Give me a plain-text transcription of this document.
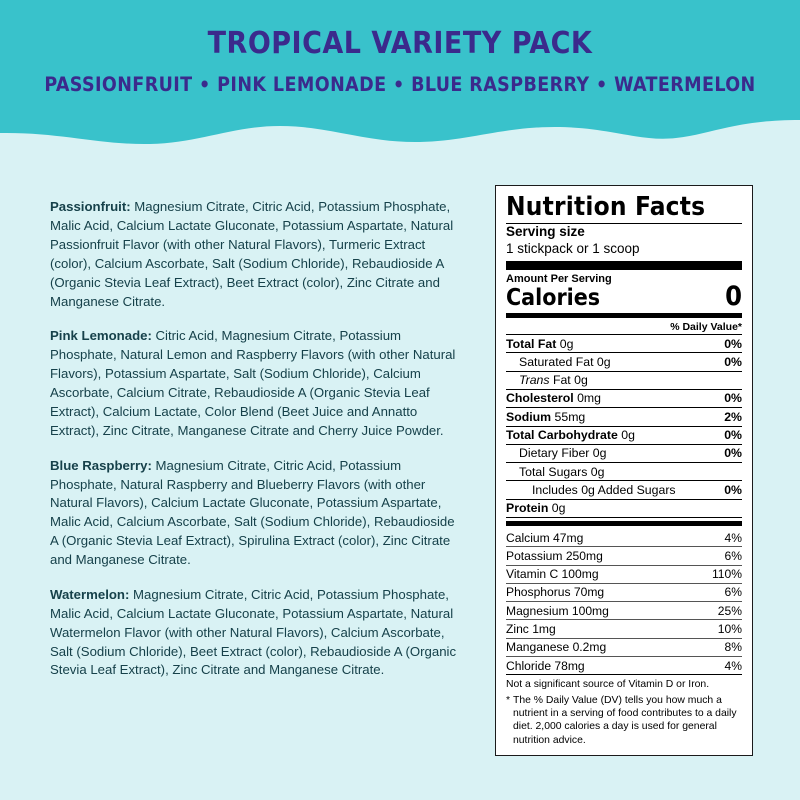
TROPICAL VARIETY PACK
PASSIONFRUIT • PINK LEMONADE • BLUE RASPBERRY • WATERMELON

Passionfruit: Magnesium Citrate, Citric Acid, Potassium Phosphate, Malic Acid, Calcium Lactate Gluconate, Potassium Aspartate, Natural Passionfruit Flavor (with other Natural Flavors), Turmeric Extract (color), Calcium Ascorbate, Salt (Sodium Chloride), Rebaudioside A (Organic Stevia Leaf Extract), Beet Extract (color), Zinc Citrate and Manganese Citrate.

Pink Lemonade: Citric Acid, Magnesium Citrate, Potassium Phosphate, Natural Lemon and Raspberry Flavors (with other Natural Flavors), Potassium Aspartate, Salt (Sodium Chloride), Calcium Ascorbate, Calcium Citrate, Rebaudioside A (Organic Stevia Leaf Extract), Calcium Lactate, Color Blend (Beet Juice and Annatto Extract), Zinc Citrate, Manganese Citrate and Cherry Juice Powder.

Blue Raspberry: Magnesium Citrate, Citric Acid, Potassium Phosphate, Natural Raspberry and Blueberry Flavors (with other Natural Flavors), Calcium Lactate Gluconate, Potassium Aspartate, Malic Acid, Calcium Ascorbate, Salt (Sodium Chloride), Rebaudioside A (Organic Stevia Leaf Extract), Spirulina Extract (color), Zinc Citrate and Manganese Citrate.

Watermelon: Magnesium Citrate, Citric Acid, Potassium Phosphate, Malic Acid, Calcium Lactate Gluconate, Potassium Aspartate, Natural Watermelon Flavor (with other Natural Flavors), Calcium Ascorbate, Salt (Sodium Chloride), Beet Extract (color), Rebaudioside A (Organic Stevia Leaf Extract), Zinc Citrate and Manganese Citrate.

Nutrition Facts
Serving size
1 stickpack or 1 scoop
Amount Per Serving
Calories	0
% Daily Value*
Total Fat 0g	0%
Saturated Fat 0g	0%
Trans Fat 0g
Cholesterol 0mg	0%
Sodium 55mg	2%
Total Carbohydrate 0g	0%
Dietary Fiber 0g	0%
Total Sugars 0g
Includes 0g Added Sugars	0%
Protein 0g
Calcium 47mg	4%
Potassium 250mg	6%
Vitamin C 100mg	110%
Phosphorus 70mg	6%
Magnesium 100mg	25%
Zinc 1mg	10%
Manganese 0.2mg	8%
Chloride 78mg	4%

Not a significant source of Vitamin D or Iron.

* The % Daily Value (DV) tells you how much a nutrient in a serving of food contributes to a daily diet. 2,000 calories a day is used for general nutrition advice.
